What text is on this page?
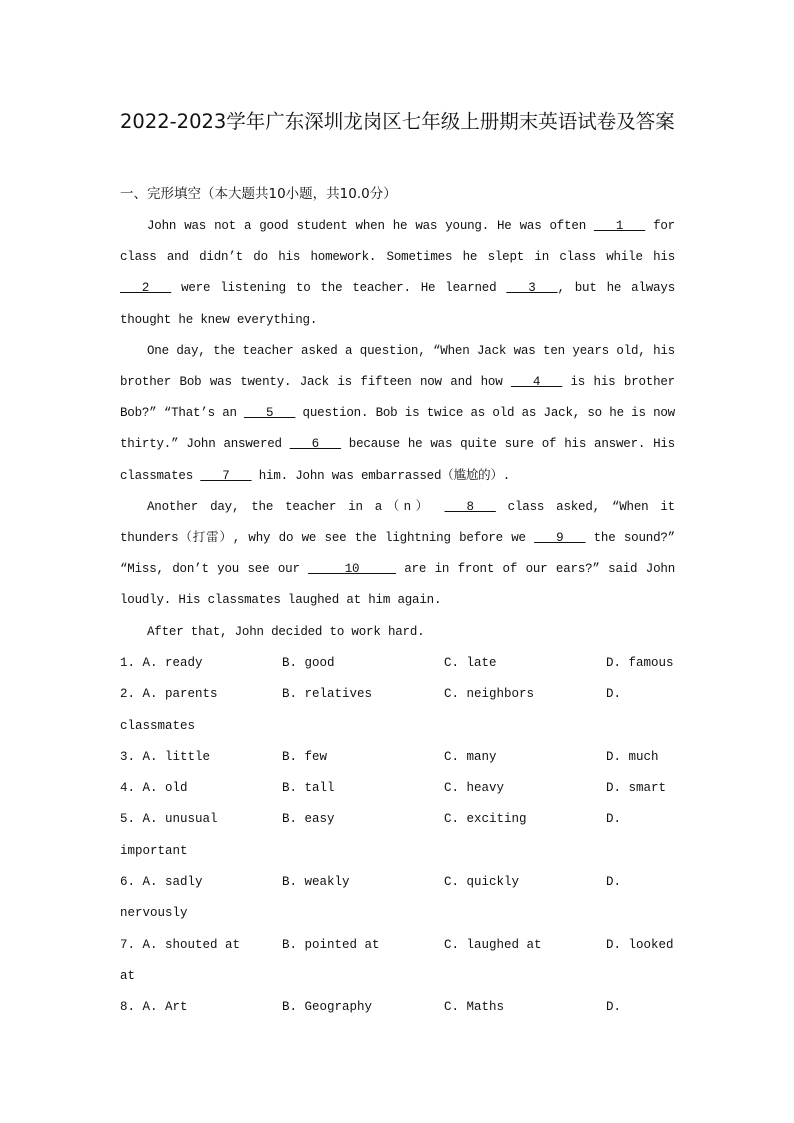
2022-2023学年广东深圳龙岗区七年级上册期末英语试卷及答案
一、完形填空（本大题共10小题，共10.0分）

John was not a good student when he was young. He was often ___1___ for class and didn’t do his homework. Sometimes he slept in class while his ___2___ were listening to the teacher. He learned ___3___, but he always thought he knew everything.

One day, the teacher asked a question, “When Jack was ten years old, his brother Bob was twenty. Jack is fifteen now and how ___4___ is his brother Bob?” “That’s an ___5___ question. Bob is twice as old as Jack, so he is now thirty.” John answered ___6___ because he was quite sure of his answer. His classmates ___7___ him. John was embarrassed（尴尬的）.

Another day, the teacher in a（n） ___8___ class asked, “When it thunders（打雷）, why do we see the lightning before we ___9___ the sound?” “Miss, don’t you see our _____10_____ are in front of our ears?” said John loudly. His classmates laughed at him again.

After that, John decided to work hard.

1. A. ready	B. good	C. late	D. famous
2. A. parents	B. relatives	C. neighbors	D.
classmates
3. A. little	B. few	C. many	D. much
4. A. old	B. tall	C. heavy	D. smart
5. A. unusual	B. easy	C. exciting	D.
important
6. A. sadly	B. weakly	C. quickly	D.
nervously
7. A. shouted at	B. pointed at	C. laughed at	D. looked
at
8. A. Art	B. Geography	C. Maths	D.
